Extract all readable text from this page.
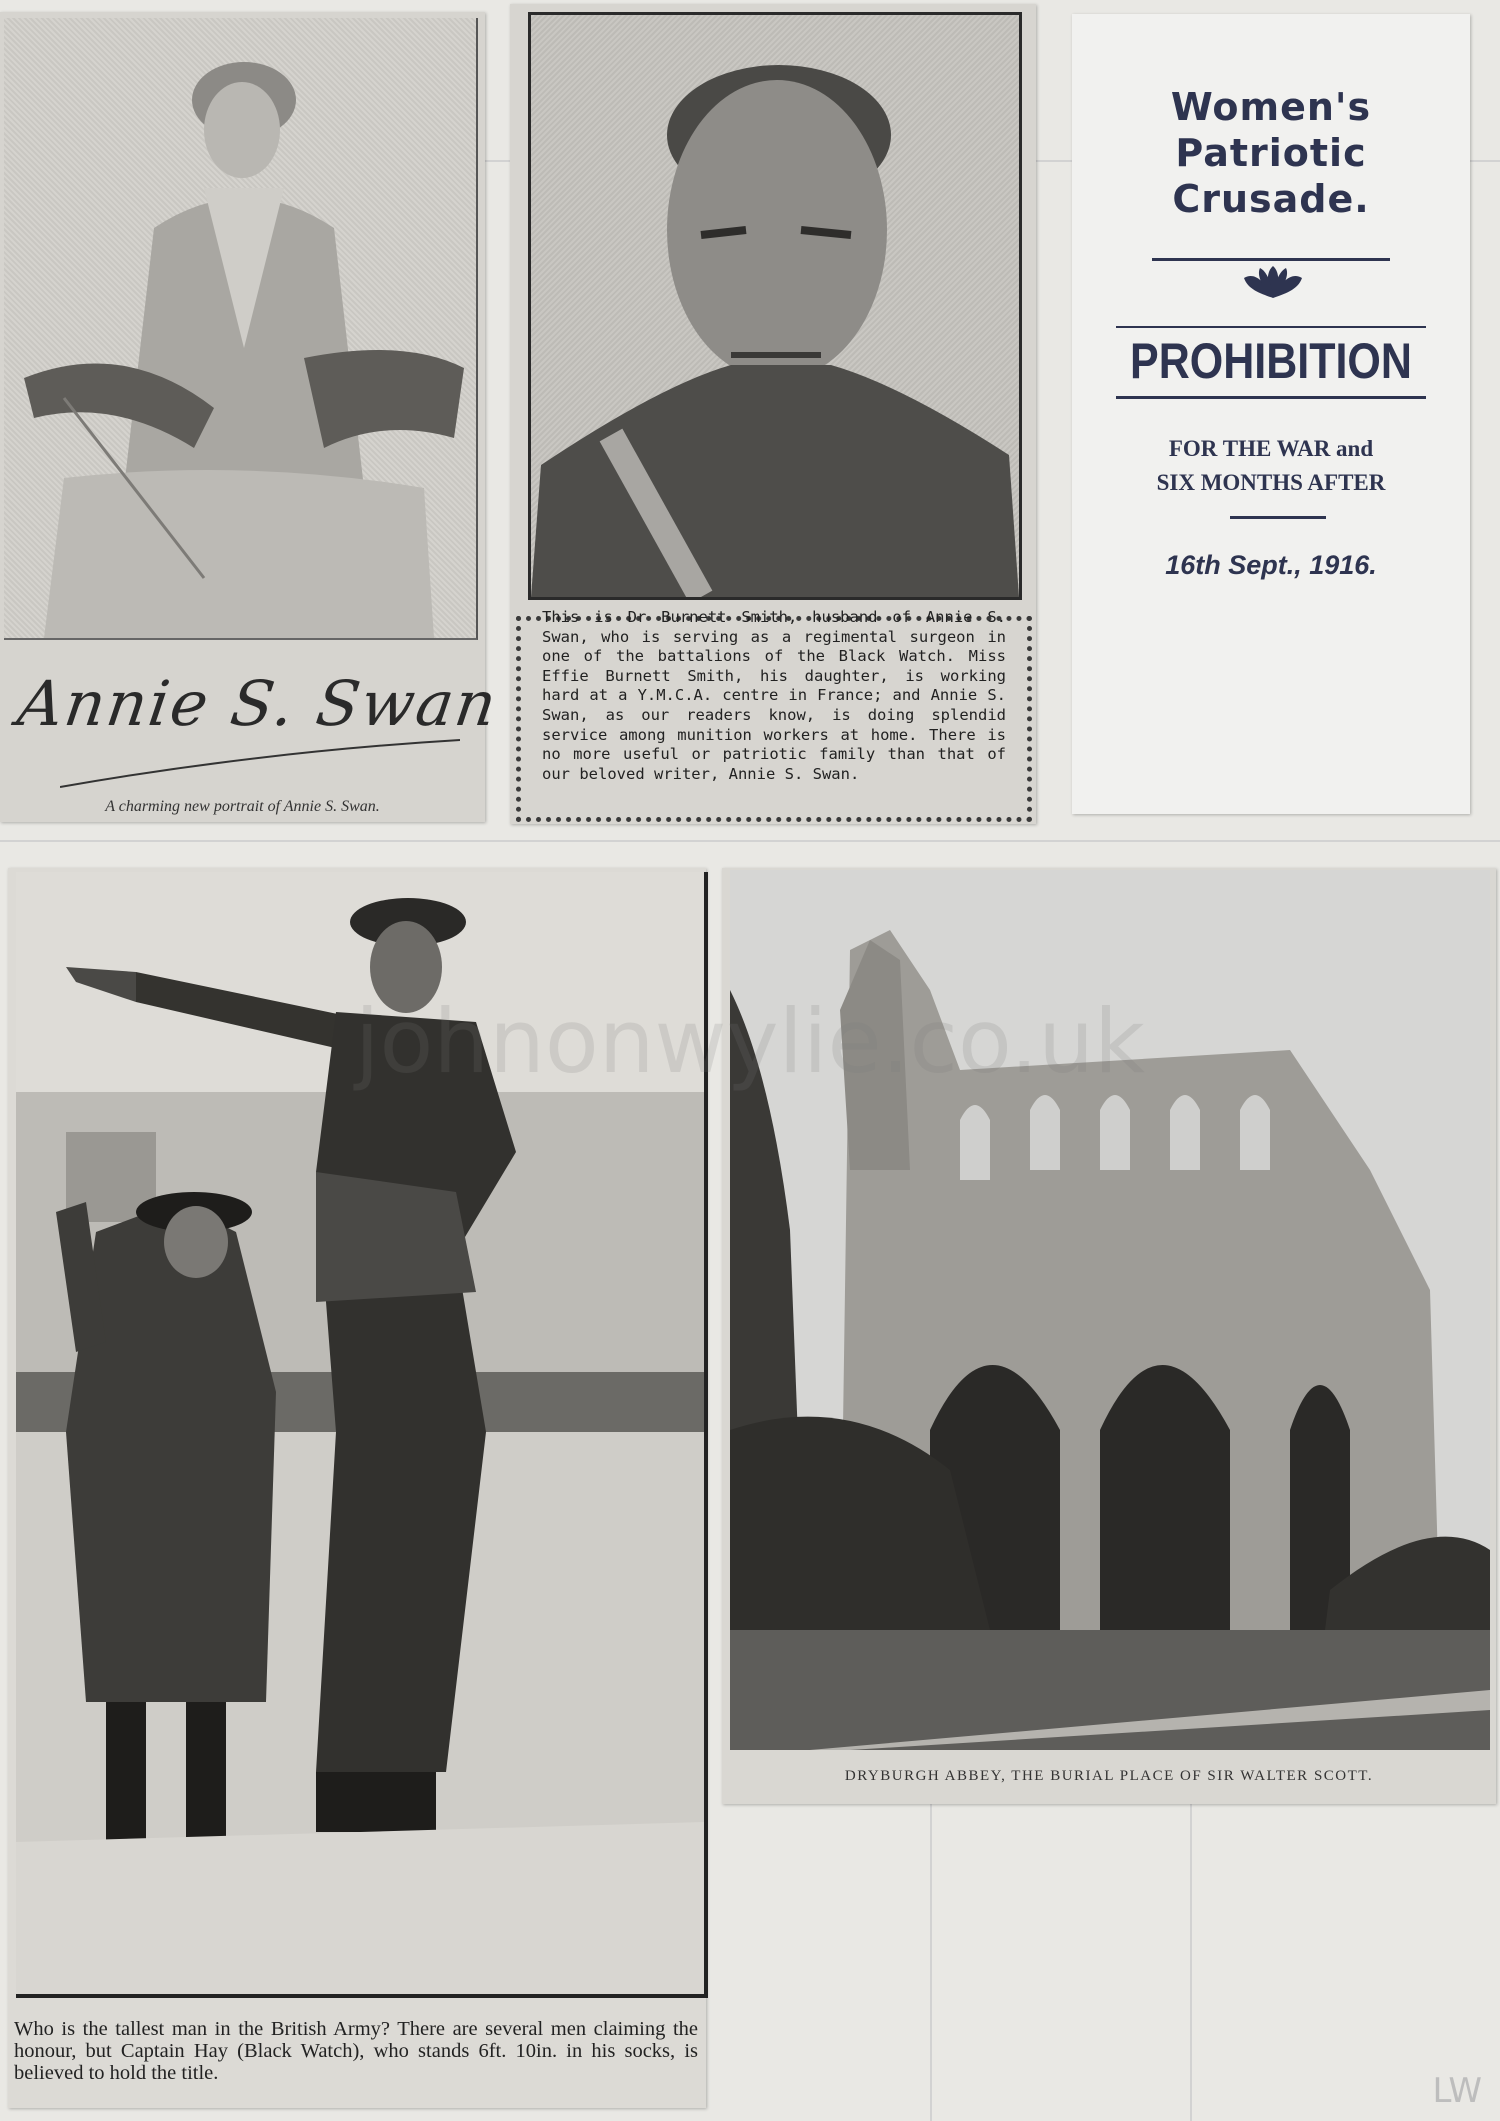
Annie S. Swan
A charming new portrait of Annie S. Swan.
This is Dr Burnett Smith, husband of Annie S. Swan, who is serving as a regimental surgeon in one of the battalions of the Black Watch. Miss Effie Burnett Smith, his daughter, is working hard at a Y.M.C.A. centre in France; and Annie S. Swan, as our readers know, is doing splendid service among munition workers at home. There is no more useful or patriotic family than that of our beloved writer, Annie S. Swan.
Women's
Patriotic
Crusade.
PROHIBITION
FOR THE WAR and
SIX MONTHS AFTER
16th Sept., 1916.
Who is the tallest man in the British Army? There are several men claiming the honour, but Captain Hay (Black Watch), who stands 6ft. 10in. in his socks, is believed to hold the title.
DRYBURGH ABBEY, THE BURIAL PLACE OF SIR WALTER SCOTT.
LW
